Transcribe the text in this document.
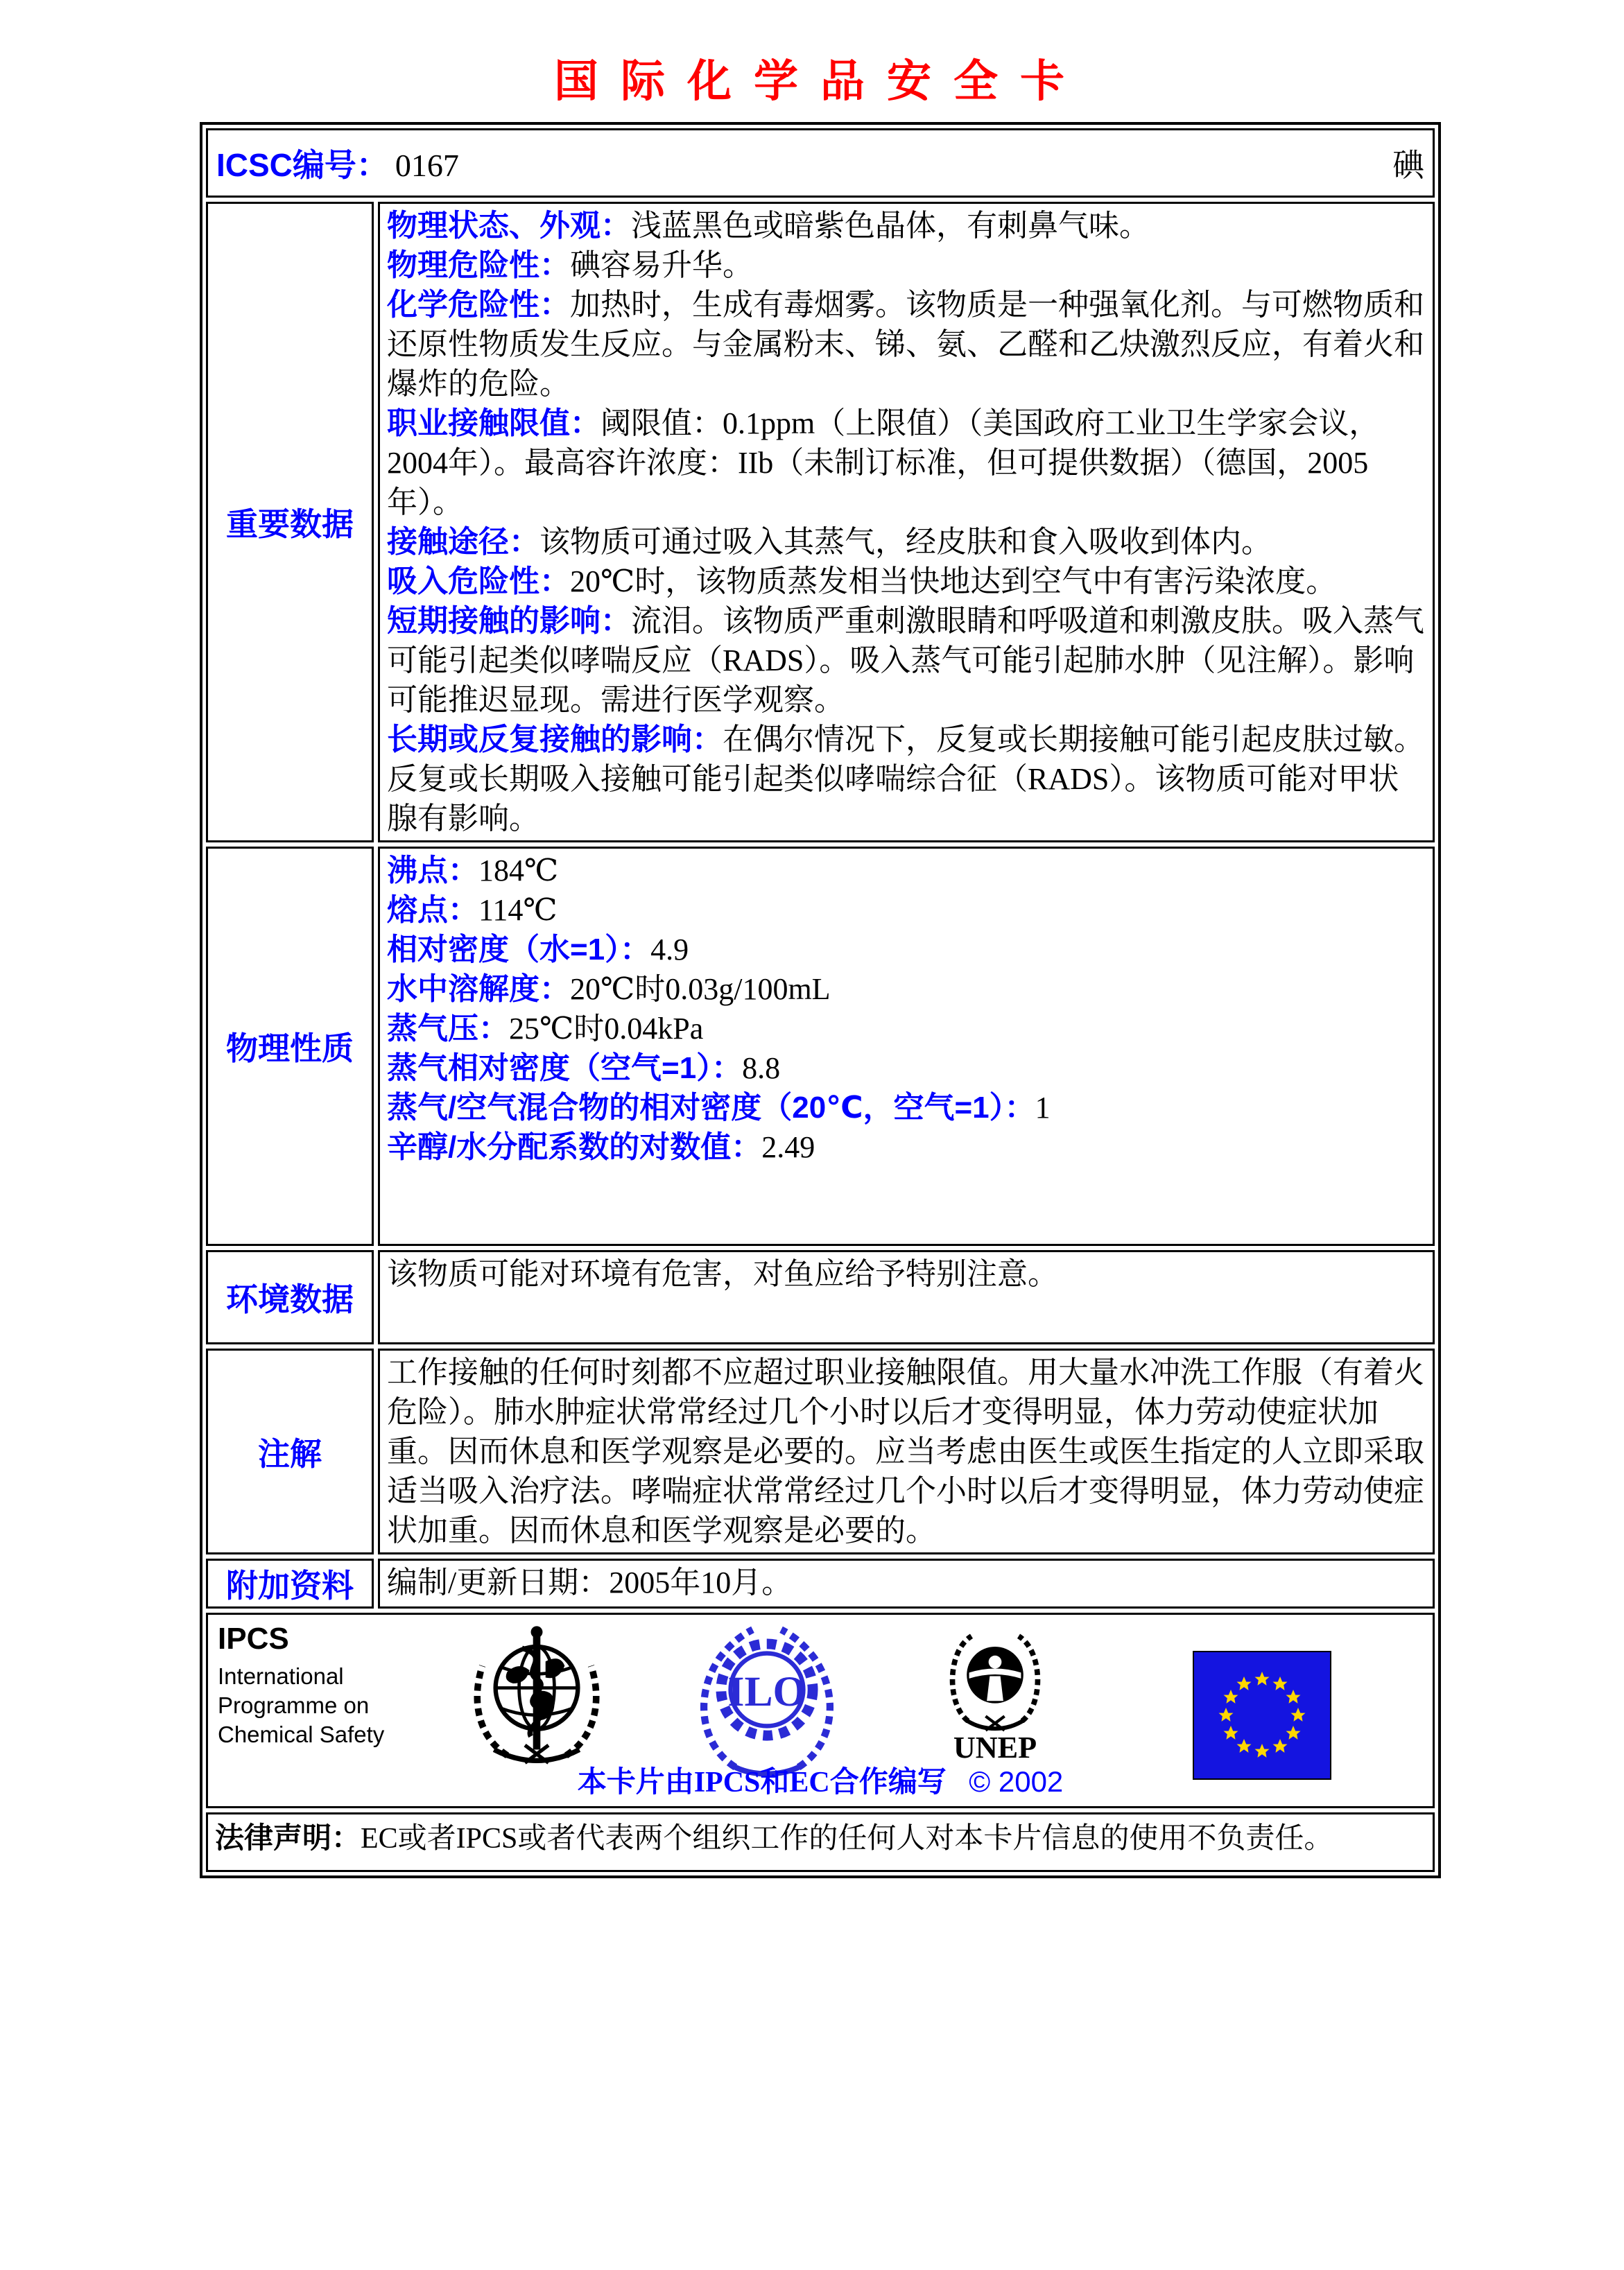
国际化学品安全卡
ICSC编号： 0167	碘
重要数据

物理状态、外观：浅蓝黑色或暗紫色晶体，有刺鼻气味。

物理危险性：碘容易升华。

化学危险性：加热时，生成有毒烟雾。该物质是一种强氧化剂。与可燃物质和还原性物质发生反应。与金属粉末、锑、氨、乙醛和乙炔激烈反应，有着火和爆炸的危险。

职业接触限值：阈限值：0.1ppm（上限值）（美国政府工业卫生学家会议，2004年）。最高容许浓度：IIb（未制订标准，但可提供数据）（德国，2005年）。

接触途径：该物质可通过吸入其蒸气，经皮肤和食入吸收到体内。

吸入危险性：20℃时，该物质蒸发相当快地达到空气中有害污染浓度。

短期接触的影响：流泪。该物质严重刺激眼睛和呼吸道和刺激皮肤。吸入蒸气可能引起类似哮喘反应（RADS）。吸入蒸气可能引起肺水肿（见注解）。影响可能推迟显现。需进行医学观察。

长期或反复接触的影响：在偶尔情况下，反复或长期接触可能引起皮肤过敏。反复或长期吸入接触可能引起类似哮喘综合征（RADS）。该物质可能对甲状腺有影响。

物理性质

沸点：184℃

熔点：114℃

相对密度（水=1）：4.9

水中溶解度：20℃时0.03g/100mL

蒸气压：25℃时0.04kPa

蒸气相对密度（空气=1）：8.8

蒸气/空气混合物的相对密度（20℃，空气=1）：1

辛醇/水分配系数的对数值：2.49

环境数据

该物质可能对环境有危害，对鱼应给予特别注意。

注解

工作接触的任何时刻都不应超过职业接触限值。用大量水冲洗工作服（有着火危险）。肺水肿症状常常经过几个小时以后才变得明显，体力劳动使症状加重。因而休息和医学观察是必要的。应当考虑由医生或医生指定的人立即采取适当吸入治疗法。哮喘症状常常经过几个小时以后才变得明显，体力劳动使症状加重。因而休息和医学观察是必要的。

附加资料	编制/更新日期：2005年10月。

IPCS
International
Programme on
Chemical Safety
ILO
UNEP
本卡片由IPCS和EC合作编写 © 2002
法律声明：EC或者IPCS或者代表两个组织工作的任何人对本卡片信息的使用不负责任。
